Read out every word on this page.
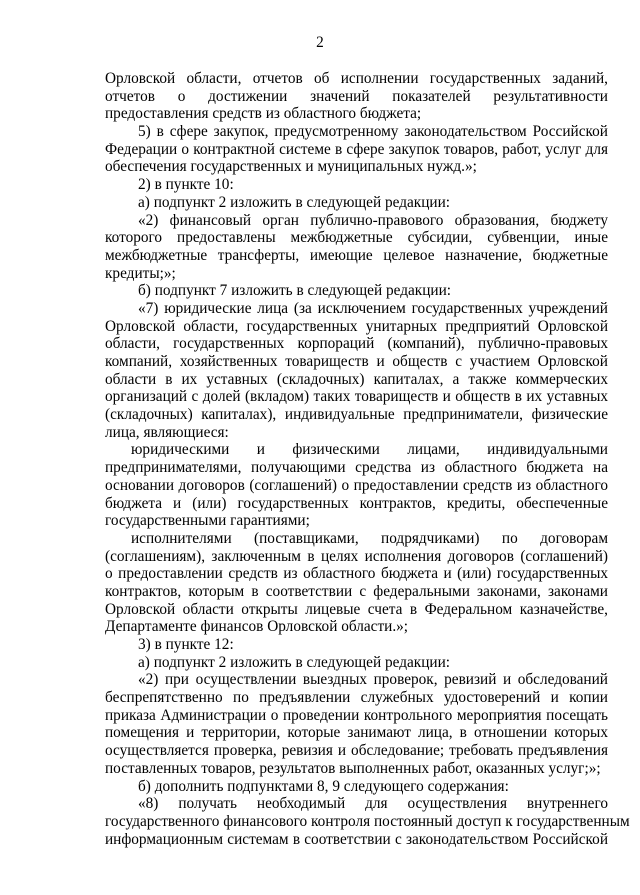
2
Орловской области, отчетов об исполнении государственных заданий,
отчетов о достижении значений показателей результативности
предоставления средств из областного бюджета;
5) в сфере закупок, предусмотренному законодательством Российской
Федерации о контрактной системе в сфере закупок товаров, работ, услуг для
обеспечения государственных и муниципальных нужд.»;
2) в пункте 10:
а) подпункт 2 изложить в следующей редакции:
«2) финансовый орган публично-правового образования, бюджету
которого предоставлены межбюджетные субсидии, субвенции, иные
межбюджетные трансферты, имеющие целевое назначение, бюджетные
кредиты;»;
б) подпункт 7 изложить в следующей редакции:
«7) юридические лица (за исключением государственных учреждений
Орловской области, государственных унитарных предприятий Орловской
области, государственных корпораций (компаний), публично-правовых
компаний, хозяйственных товариществ и обществ с участием Орловской
области в их уставных (складочных) капиталах, а также коммерческих
организаций с долей (вкладом) таких товариществ и обществ в их уставных
(складочных) капиталах), индивидуальные предприниматели, физические
лица, являющиеся:
юридическими и физическими лицами, индивидуальными
предпринимателями, получающими средства из областного бюджета на
основании договоров (соглашений) о предоставлении средств из областного
бюджета и (или) государственных контрактов, кредиты, обеспеченные
государственными гарантиями;
исполнителями (поставщиками, подрядчиками) по договорам
(соглашениям), заключенным в целях исполнения договоров (соглашений)
о предоставлении средств из областного бюджета и (или) государственных
контрактов, которым в соответствии с федеральными законами, законами
Орловской области открыты лицевые счета в Федеральном казначействе,
Департаменте финансов Орловской области.»;
3) в пункте 12:
а) подпункт 2 изложить в следующей редакции:
«2) при осуществлении выездных проверок, ревизий и обследований
беспрепятственно по предъявлении служебных удостоверений и копии
приказа Администрации о проведении контрольного мероприятия посещать
помещения и территории, которые занимают лица, в отношении которых
осуществляется проверка, ревизия и обследование; требовать предъявления
поставленных товаров, результатов выполненных работ, оказанных услуг;»;
б) дополнить подпунктами 8, 9 следующего содержания:
«8) получать необходимый для осуществления внутреннего
государственного финансового контроля постоянный доступ к государственным
информационным системам в соответствии с законодательством Российской
